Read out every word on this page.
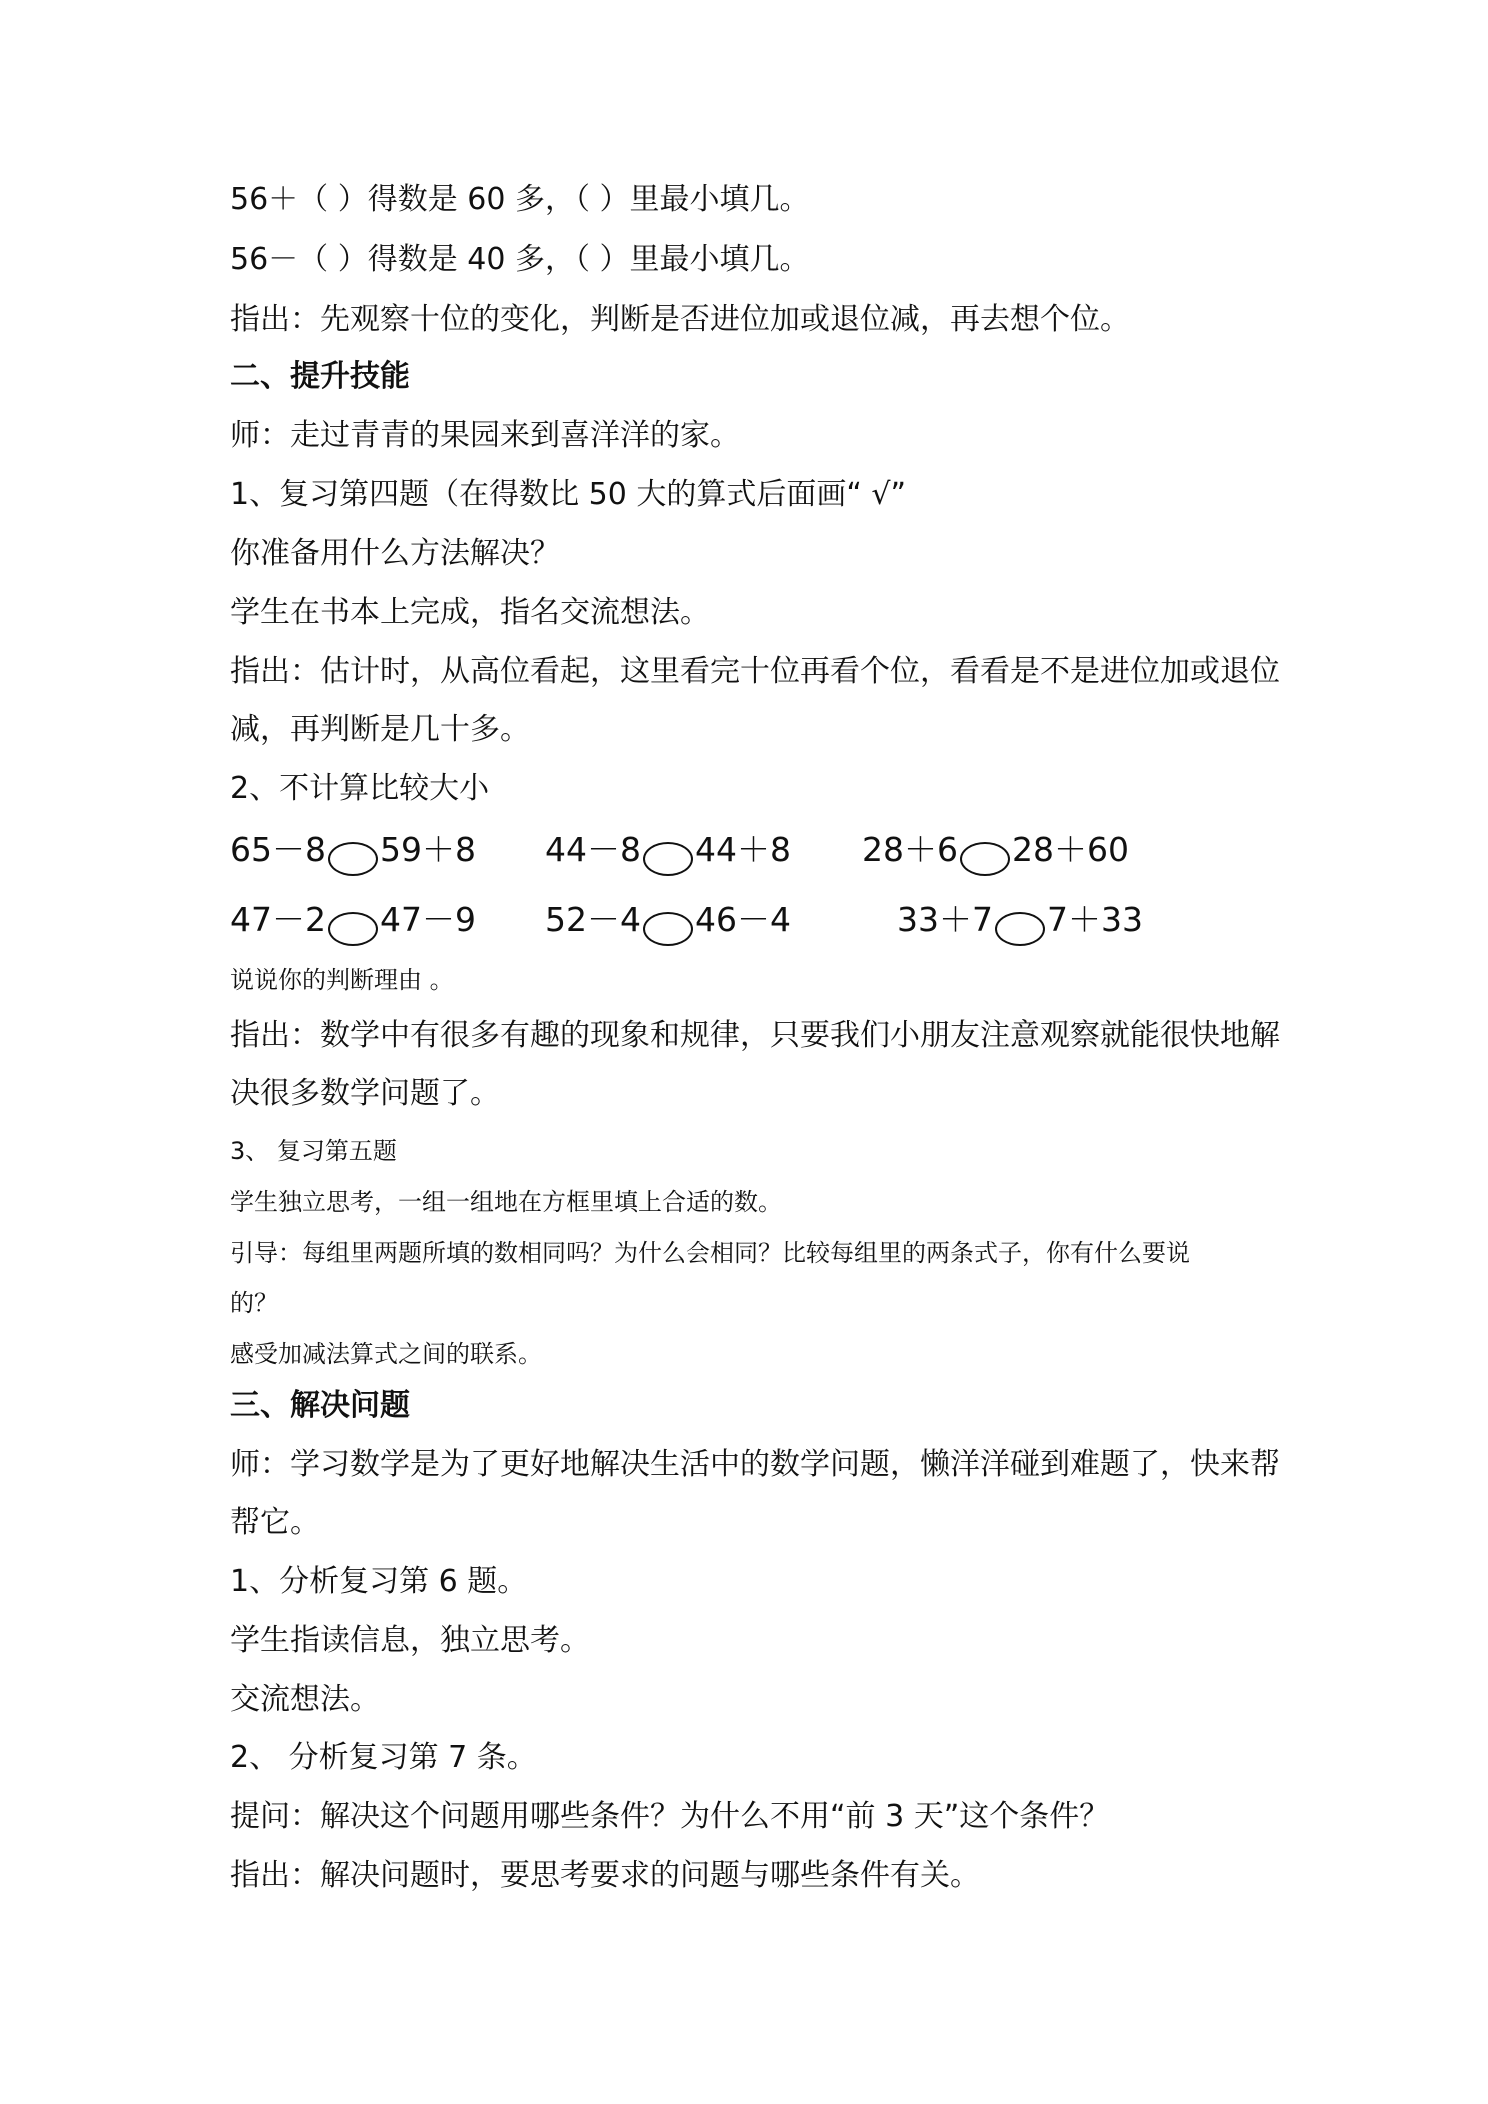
56＋（ ）得数是 60 多，（ ）里最小填几。
56－（ ）得数是 40 多，（ ）里最小填几。
指出：先观察十位的变化，判断是否进位加或退位减，再去想个位。
二、提升技能
师：走过青青的果园来到喜洋洋的家。
1、复习第四题（在得数比 50 大的算式后面画“ √”
你准备用什么方法解决？
学生在书本上完成，指名交流想法。
指出：估计时，从高位看起，这里看完十位再看个位，看看是不是进位加或退位
减，再判断是几十多。
2、不计算比较大小
65－8 59＋8 44－8 44＋8 28＋6 28＋60
47－2 47－9 52－4 46－4	33＋7 7＋33
说说你的判断理由 。
指出：数学中有很多有趣的现象和规律，只要我们小朋友注意观察就能很快地解
决很多数学问题了。
3、 复习第五题
学生独立思考，一组一组地在方框里填上合适的数。
引导：每组里两题所填的数相同吗？为什么会相同？比较每组里的两条式子，你有什么要说
的？
感受加减法算式之间的联系。
三、解决问题
师：学习数学是为了更好地解决生活中的数学问题，懒洋洋碰到难题了，快来帮
帮它。
1、分析复习第 6 题。
学生指读信息，独立思考。
交流想法。
2、 分析复习第 7 条。
提问：解决这个问题用哪些条件？为什么不用“前 3 天”这个条件？
指出：解决问题时，要思考要求的问题与哪些条件有关。
